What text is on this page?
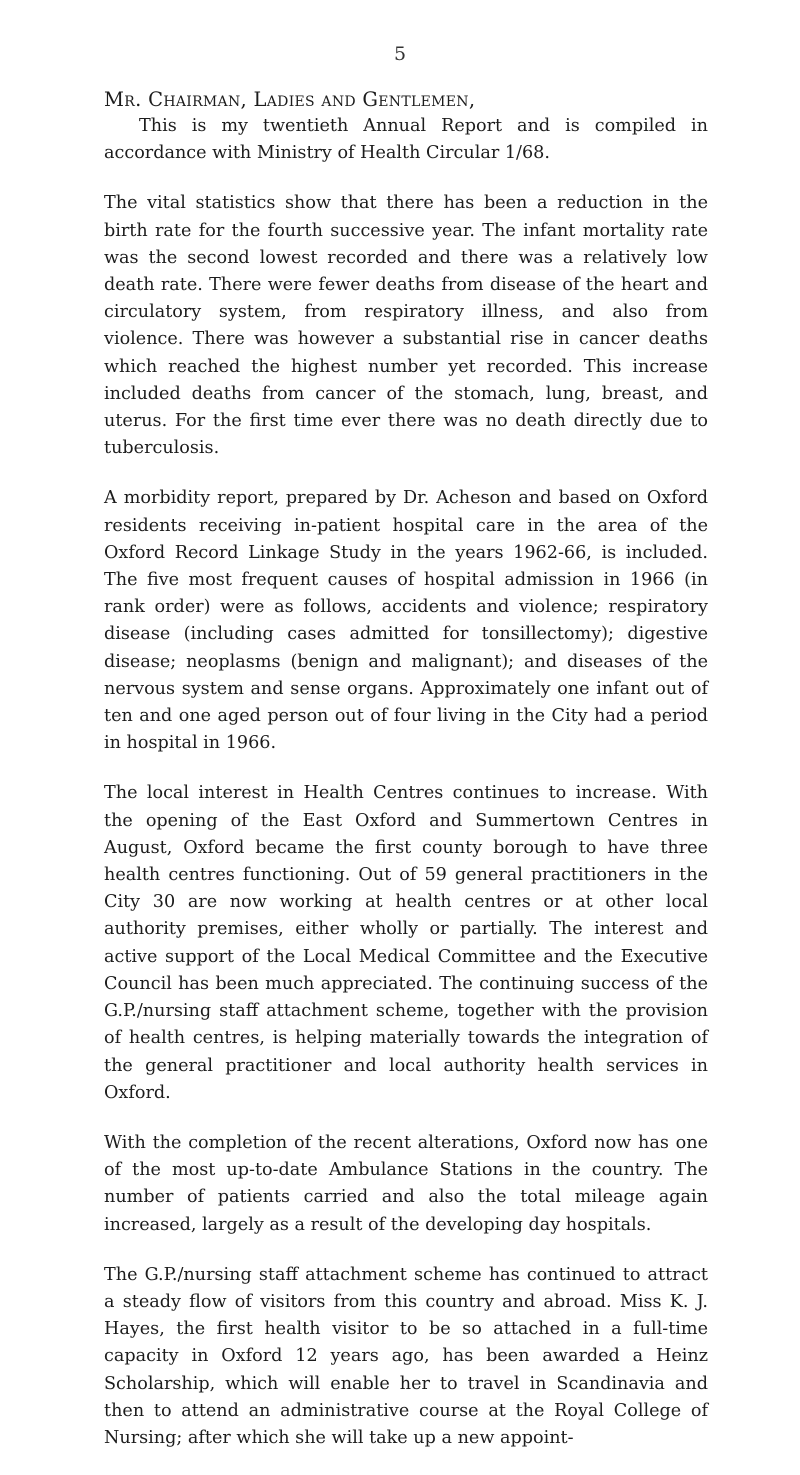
5

Mr. Chairman, Ladies and Gentlemen,

This is my twentieth Annual Report and is compiled in accordance with Ministry of Health Circular 1/68.

The vital statistics show that there has been a reduction in the birth rate for the fourth successive year. The infant mortality rate was the second lowest recorded and there was a relatively low death rate. There were fewer deaths from disease of the heart and circulatory system, from respiratory illness, and also from violence. There was however a substantial rise in cancer deaths which reached the highest number yet recorded. This increase included deaths from cancer of the stomach, lung, breast, and uterus. For the first time ever there was no death directly due to tuberculosis.

A morbidity report, prepared by Dr. Acheson and based on Oxford residents receiving in-patient hospital care in the area of the Oxford Record Linkage Study in the years 1962-66, is included. The five most frequent causes of hospital admission in 1966 (in rank order) were as follows, accidents and violence; respiratory disease (including cases admitted for tonsillectomy); digestive disease; neoplasms (benign and malignant); and diseases of the nervous system and sense organs. Approximately one infant out of ten and one aged person out of four living in the City had a period in hospital in 1966.

The local interest in Health Centres continues to increase. With the opening of the East Oxford and Summertown Centres in August, Oxford became the first county borough to have three health centres functioning. Out of 59 general practitioners in the City 30 are now working at health centres or at other local authority premises, either wholly or partially. The interest and active support of the Local Medical Committee and the Executive Council has been much appreciated. The continuing success of the G.P./nursing staff attachment scheme, together with the provision of health centres, is helping materially towards the integration of the general practitioner and local authority health services in Oxford.

With the completion of the recent alterations, Oxford now has one of the most up-to-date Ambulance Stations in the country. The number of patients carried and also the total mileage again increased, largely as a result of the developing day hospitals.

The G.P./nursing staff attachment scheme has continued to attract a steady flow of visitors from this country and abroad. Miss K. J. Hayes, the first health visitor to be so attached in a full-time capacity in Oxford 12 years ago, has been awarded a Heinz Scholarship, which will enable her to travel in Scandinavia and then to attend an administrative course at the Royal College of Nursing; after which she will take up a new appoint-
